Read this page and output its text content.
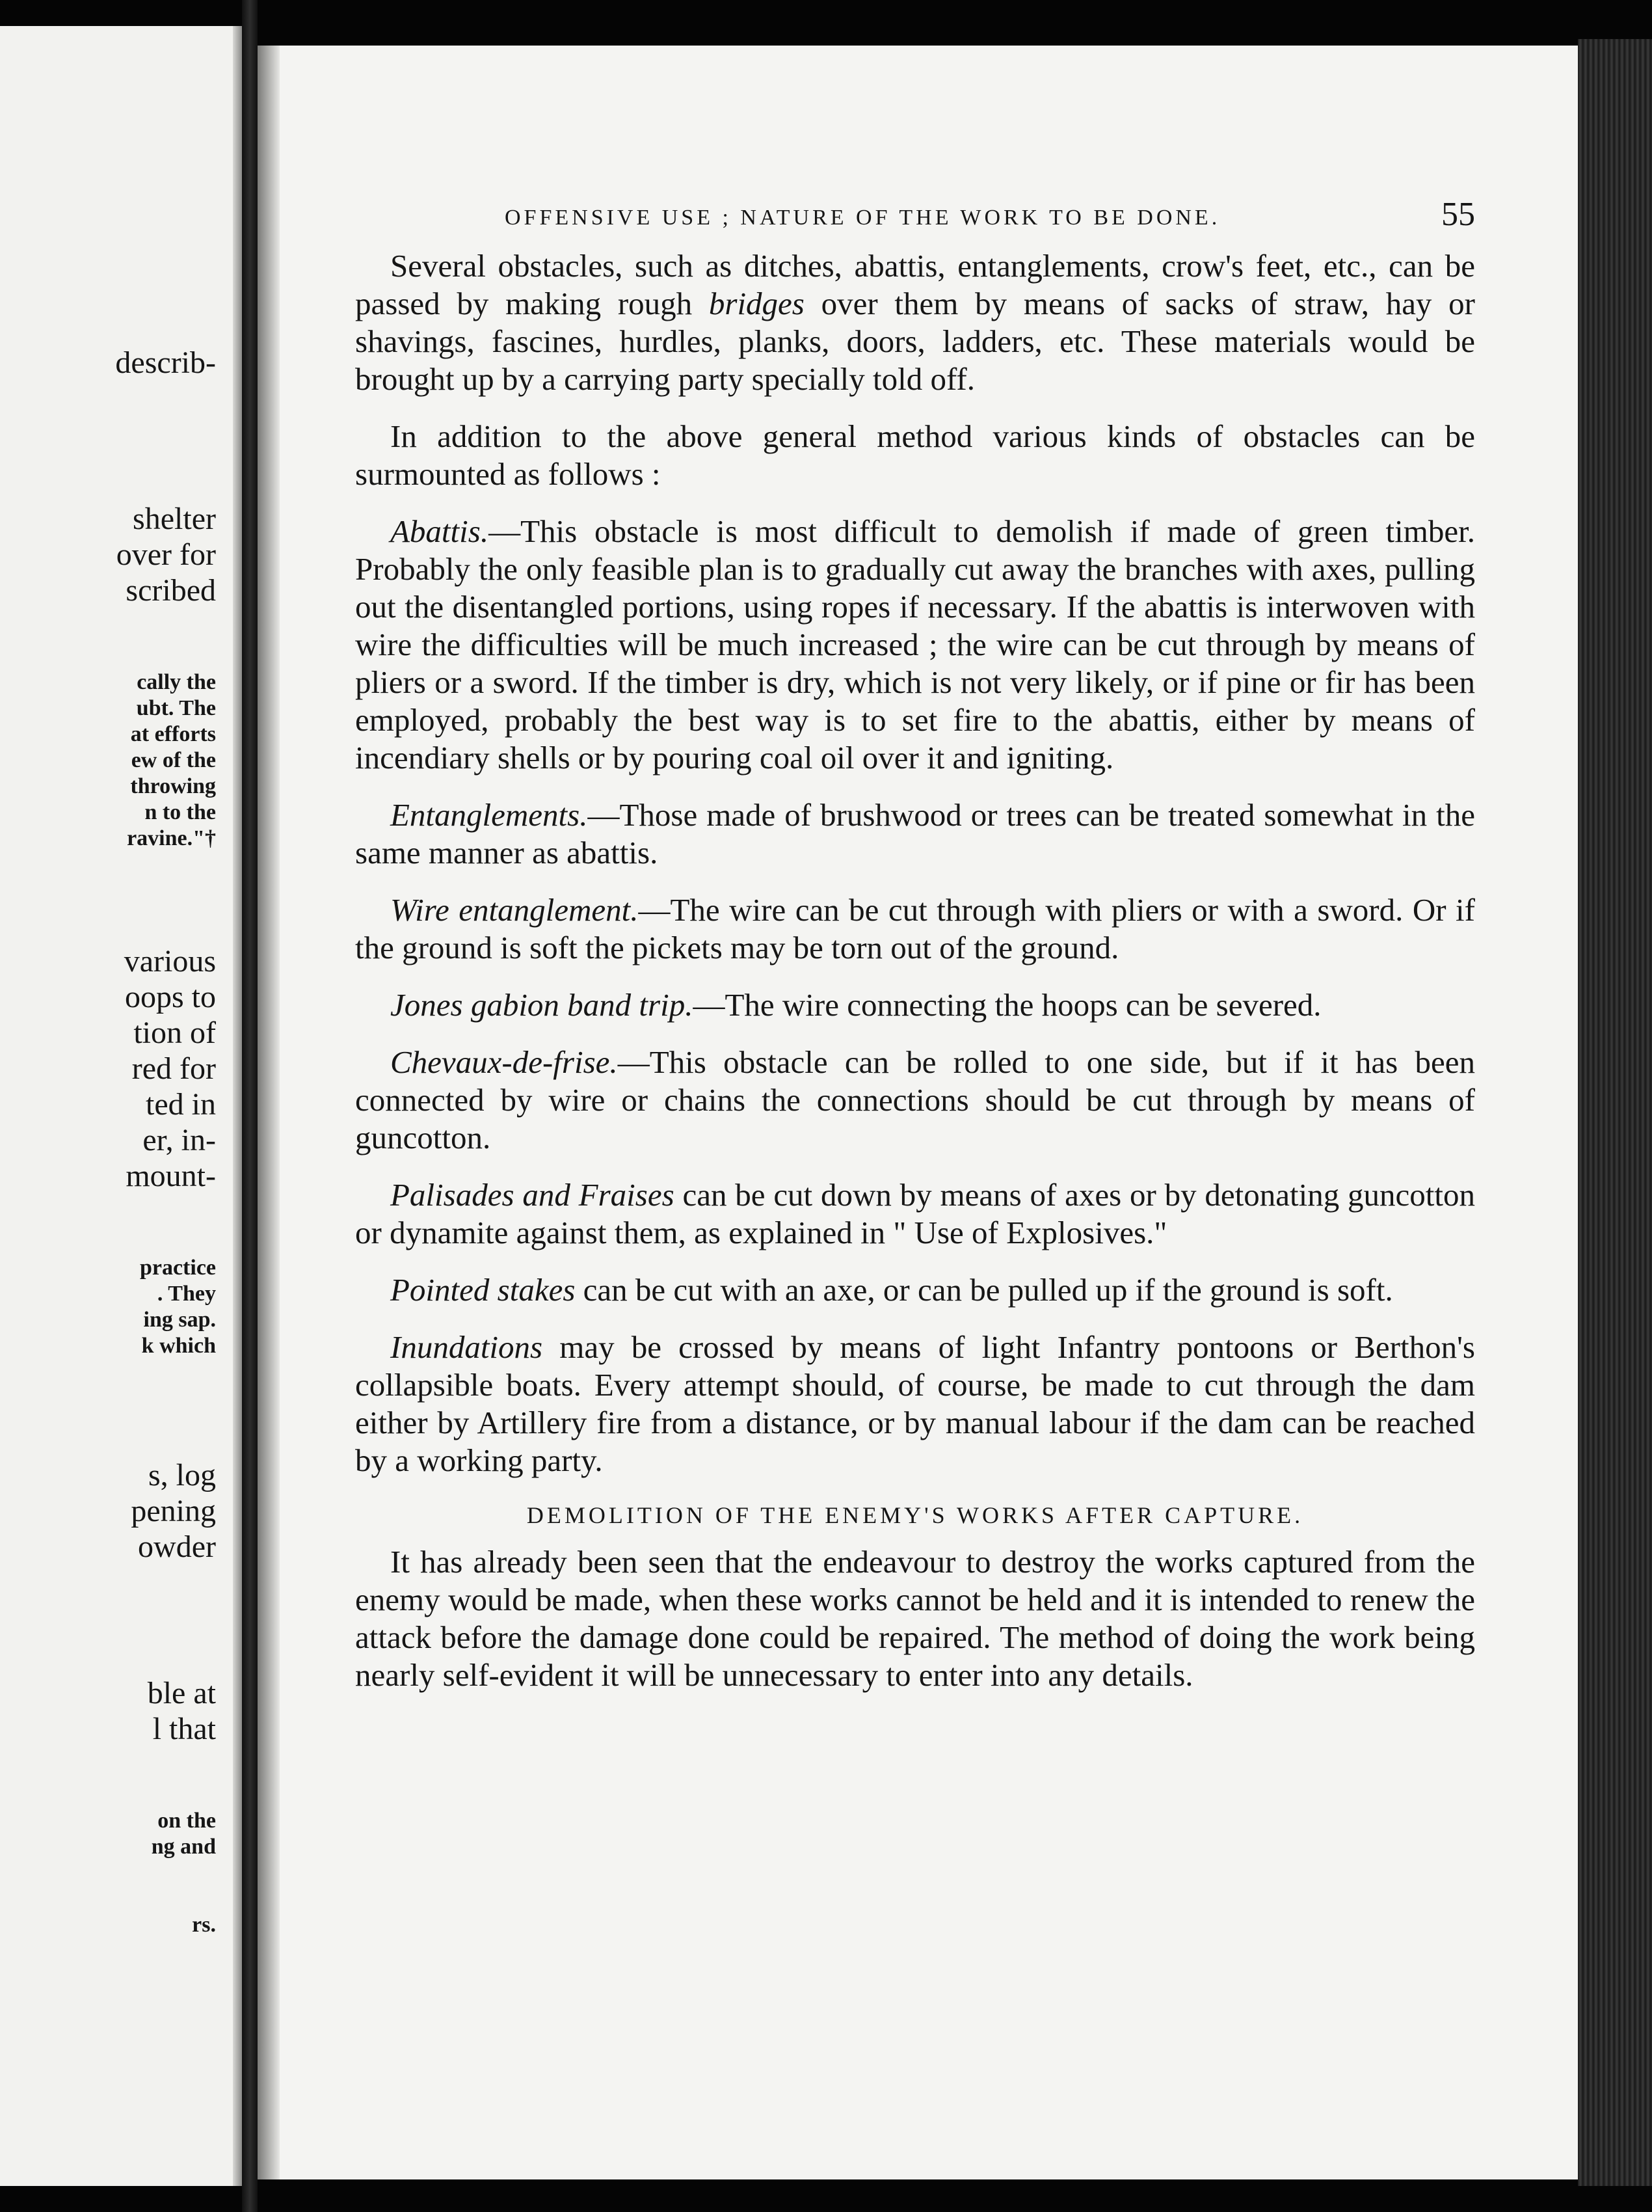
describ-
shelter
over for
scribed
cally the
ubt. The
at efforts
ew of the
throwing
n to the
ravine."†
various
oops to
tion of
red for
ted in
er, in-
mount-
practice
. They
ing sap.
k which
s, log
pening
owder
ble at
l that
on the
ng and
rs.
OFFENSIVE USE ; NATURE OF THE WORK TO BE DONE.	55

Several obstacles, such as ditches, abattis, entanglements, crow's feet, etc., can be passed by making rough bridges over them by means of sacks of straw, hay or shavings, fascines, hurdles, planks, doors, ladders, etc. These materials would be brought up by a carrying party specially told off.

In addition to the above general method various kinds of obstacles can be surmounted as follows :

Abattis.—This obstacle is most difficult to demolish if made of green timber. Probably the only feasible plan is to gradually cut away the branches with axes, pulling out the disentangled portions, using ropes if necessary. If the abattis is interwoven with wire the difficulties will be much increased ; the wire can be cut through by means of pliers or a sword. If the timber is dry, which is not very likely, or if pine or fir has been employed, probably the best way is to set fire to the abattis, either by means of incendiary shells or by pouring coal oil over it and igniting.

Entanglements.—Those made of brushwood or trees can be treated somewhat in the same manner as abattis.

Wire entanglement.—The wire can be cut through with pliers or with a sword. Or if the ground is soft the pickets may be torn out of the ground.

Jones gabion band trip.—The wire connecting the hoops can be severed.

Chevaux-de-frise.—This obstacle can be rolled to one side, but if it has been connected by wire or chains the connections should be cut through by means of guncotton.

Palisades and Fraises can be cut down by means of axes or by detonating guncotton or dynamite against them, as explained in " Use of Explosives."

Pointed stakes can be cut with an axe, or can be pulled up if the ground is soft.

Inundations may be crossed by means of light Infantry pontoons or Berthon's collapsible boats. Every attempt should, of course, be made to cut through the dam either by Artillery fire from a distance, or by manual labour if the dam can be reached by a working party.

DEMOLITION OF THE ENEMY'S WORKS AFTER CAPTURE.

It has already been seen that the endeavour to destroy the works captured from the enemy would be made, when these works cannot be held and it is intended to renew the attack before the damage done could be repaired. The method of doing the work being nearly self-evident it will be unnecessary to enter into any details.
